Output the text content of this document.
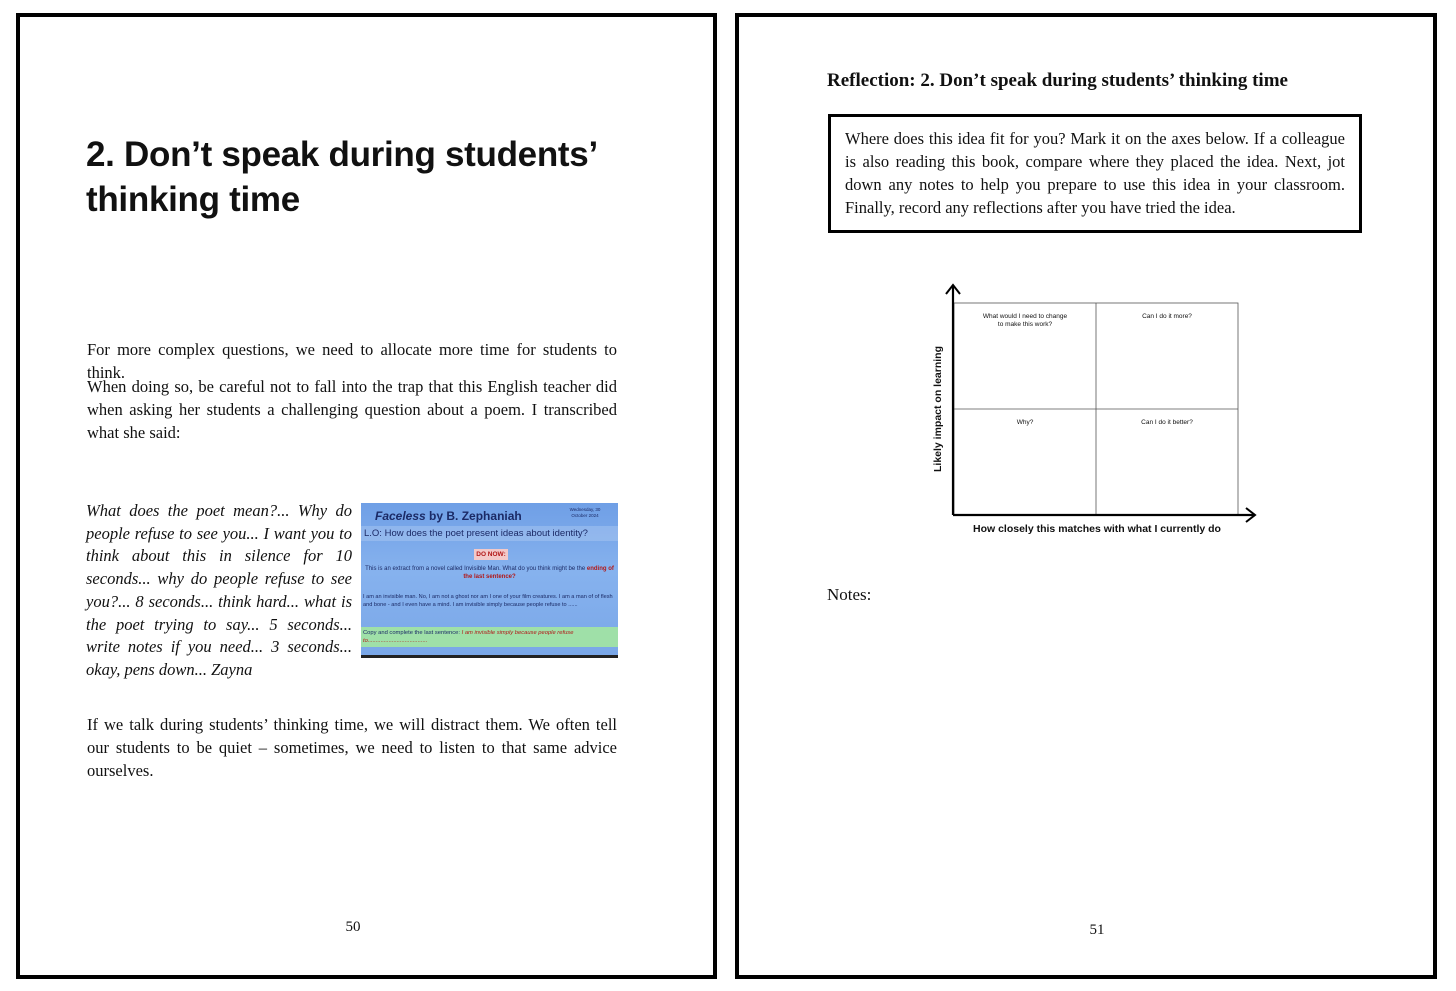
2. Don’t speak during students’
thinking time

For more complex questions, we need to allocate more time for students to think.

When doing so, be careful not to fall into the trap that this English teacher did when asking her students a challenging question about a poem. I transcribed what she said:

What does the poet mean?... Why do people refuse to see you... I want you to think about this in silence for 10 seconds... why do people refuse to see you?... 8 seconds... think hard... what is the poet trying to say... 5 seconds... write notes if you need... 3 seconds... okay, pens down... Zayna

Faceless by B. Zephaniah	Wednesday, 30
October 2024
L.O: How does the poet present ideas about identity?
DO NOW:
This is an extract from a novel called Invisible Man. What do you think might be the ending of the last sentence?
I am an invisible man. No, I am not a ghost nor am I one of your film creatures. I am a man of of flesh and bone - and I even have a mind. I am invisible simply because people refuse to ......
Copy and complete the last sentence: I am invisible simply because people refuse to.....................................

If we talk during students’ thinking time, we will distract them. We often tell our students to be quiet – sometimes, we need to listen to that same advice ourselves.

50

Reflection: 2. Don’t speak during students’ thinking time

Where does this idea fit for you? Mark it on the axes below. If a colleague is also reading this book, compare where they placed the idea. Next, jot down any notes to help you prepare to use this idea in your classroom. Finally, record any reflections after you have tried the idea.

What would I need to change
to make this work?
Can I do it more?
Why?	Can I do it better?
How closely this matches with what I currently do
Likely impact on learning

Notes:

51
